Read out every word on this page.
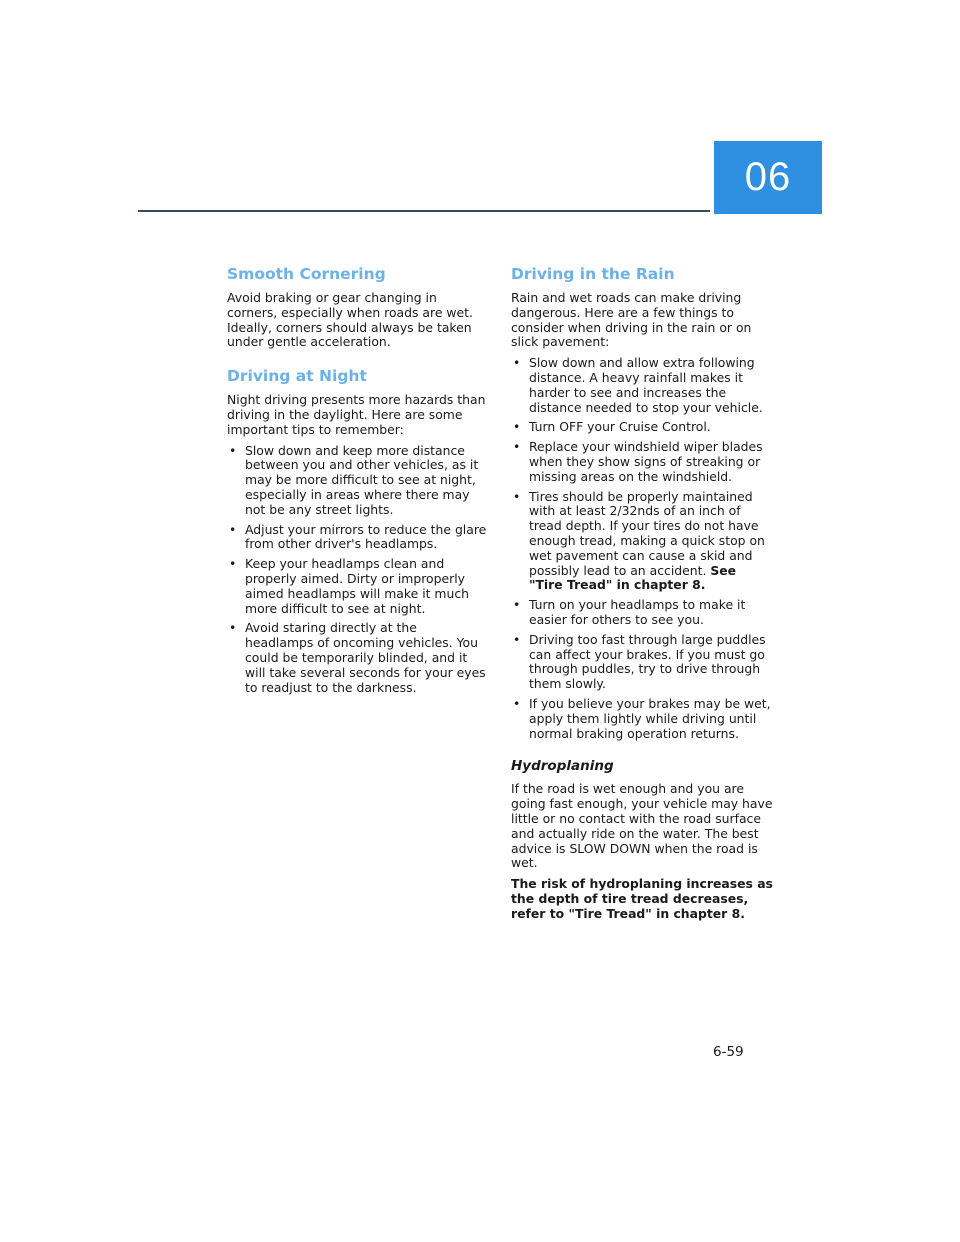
06
Smooth Cornering

Avoid braking or gear changing in corners, especially when roads are wet. Ideally, corners should always be taken under gentle acceleration.

Driving at Night

Night driving presents more hazards than driving in the daylight. Here are some important tips to remember:

• Slow down and keep more distance between you and other vehicles, as it may be more difficult to see at night, especially in areas where there may not be any street lights.
• Adjust your mirrors to reduce the glare from other driver's headlamps.
• Keep your headlamps clean and properly aimed. Dirty or improperly aimed headlamps will make it much more difficult to see at night.
• Avoid staring directly at the headlamps of oncoming vehicles. You could be temporarily blinded, and it will take several seconds for your eyes to readjust to the darkness.
Driving in the Rain

Rain and wet roads can make driving dangerous. Here are a few things to consider when driving in the rain or on slick pavement:

• Slow down and allow extra following distance. A heavy rainfall makes it harder to see and increases the distance needed to stop your vehicle.
• Turn OFF your Cruise Control.
• Replace your windshield wiper blades when they show signs of streaking or missing areas on the windshield.
• Tires should be properly maintained with at least 2/32nds of an inch of tread depth. If your tires do not have enough tread, making a quick stop on wet pavement can cause a skid and possibly lead to an accident. See "Tire Tread" in chapter 8.
• Turn on your headlamps to make it easier for others to see you.
• Driving too fast through large puddles can affect your brakes. If you must go through puddles, try to drive through them slowly.
• If you believe your brakes may be wet, apply them lightly while driving until normal braking operation returns.
Hydroplaning

If the road is wet enough and you are going fast enough, your vehicle may have little or no contact with the road surface and actually ride on the water. The best advice is SLOW DOWN when the road is wet.

The risk of hydroplaning increases as the depth of tire tread decreases, refer to "Tire Tread" in chapter 8.

6-59
